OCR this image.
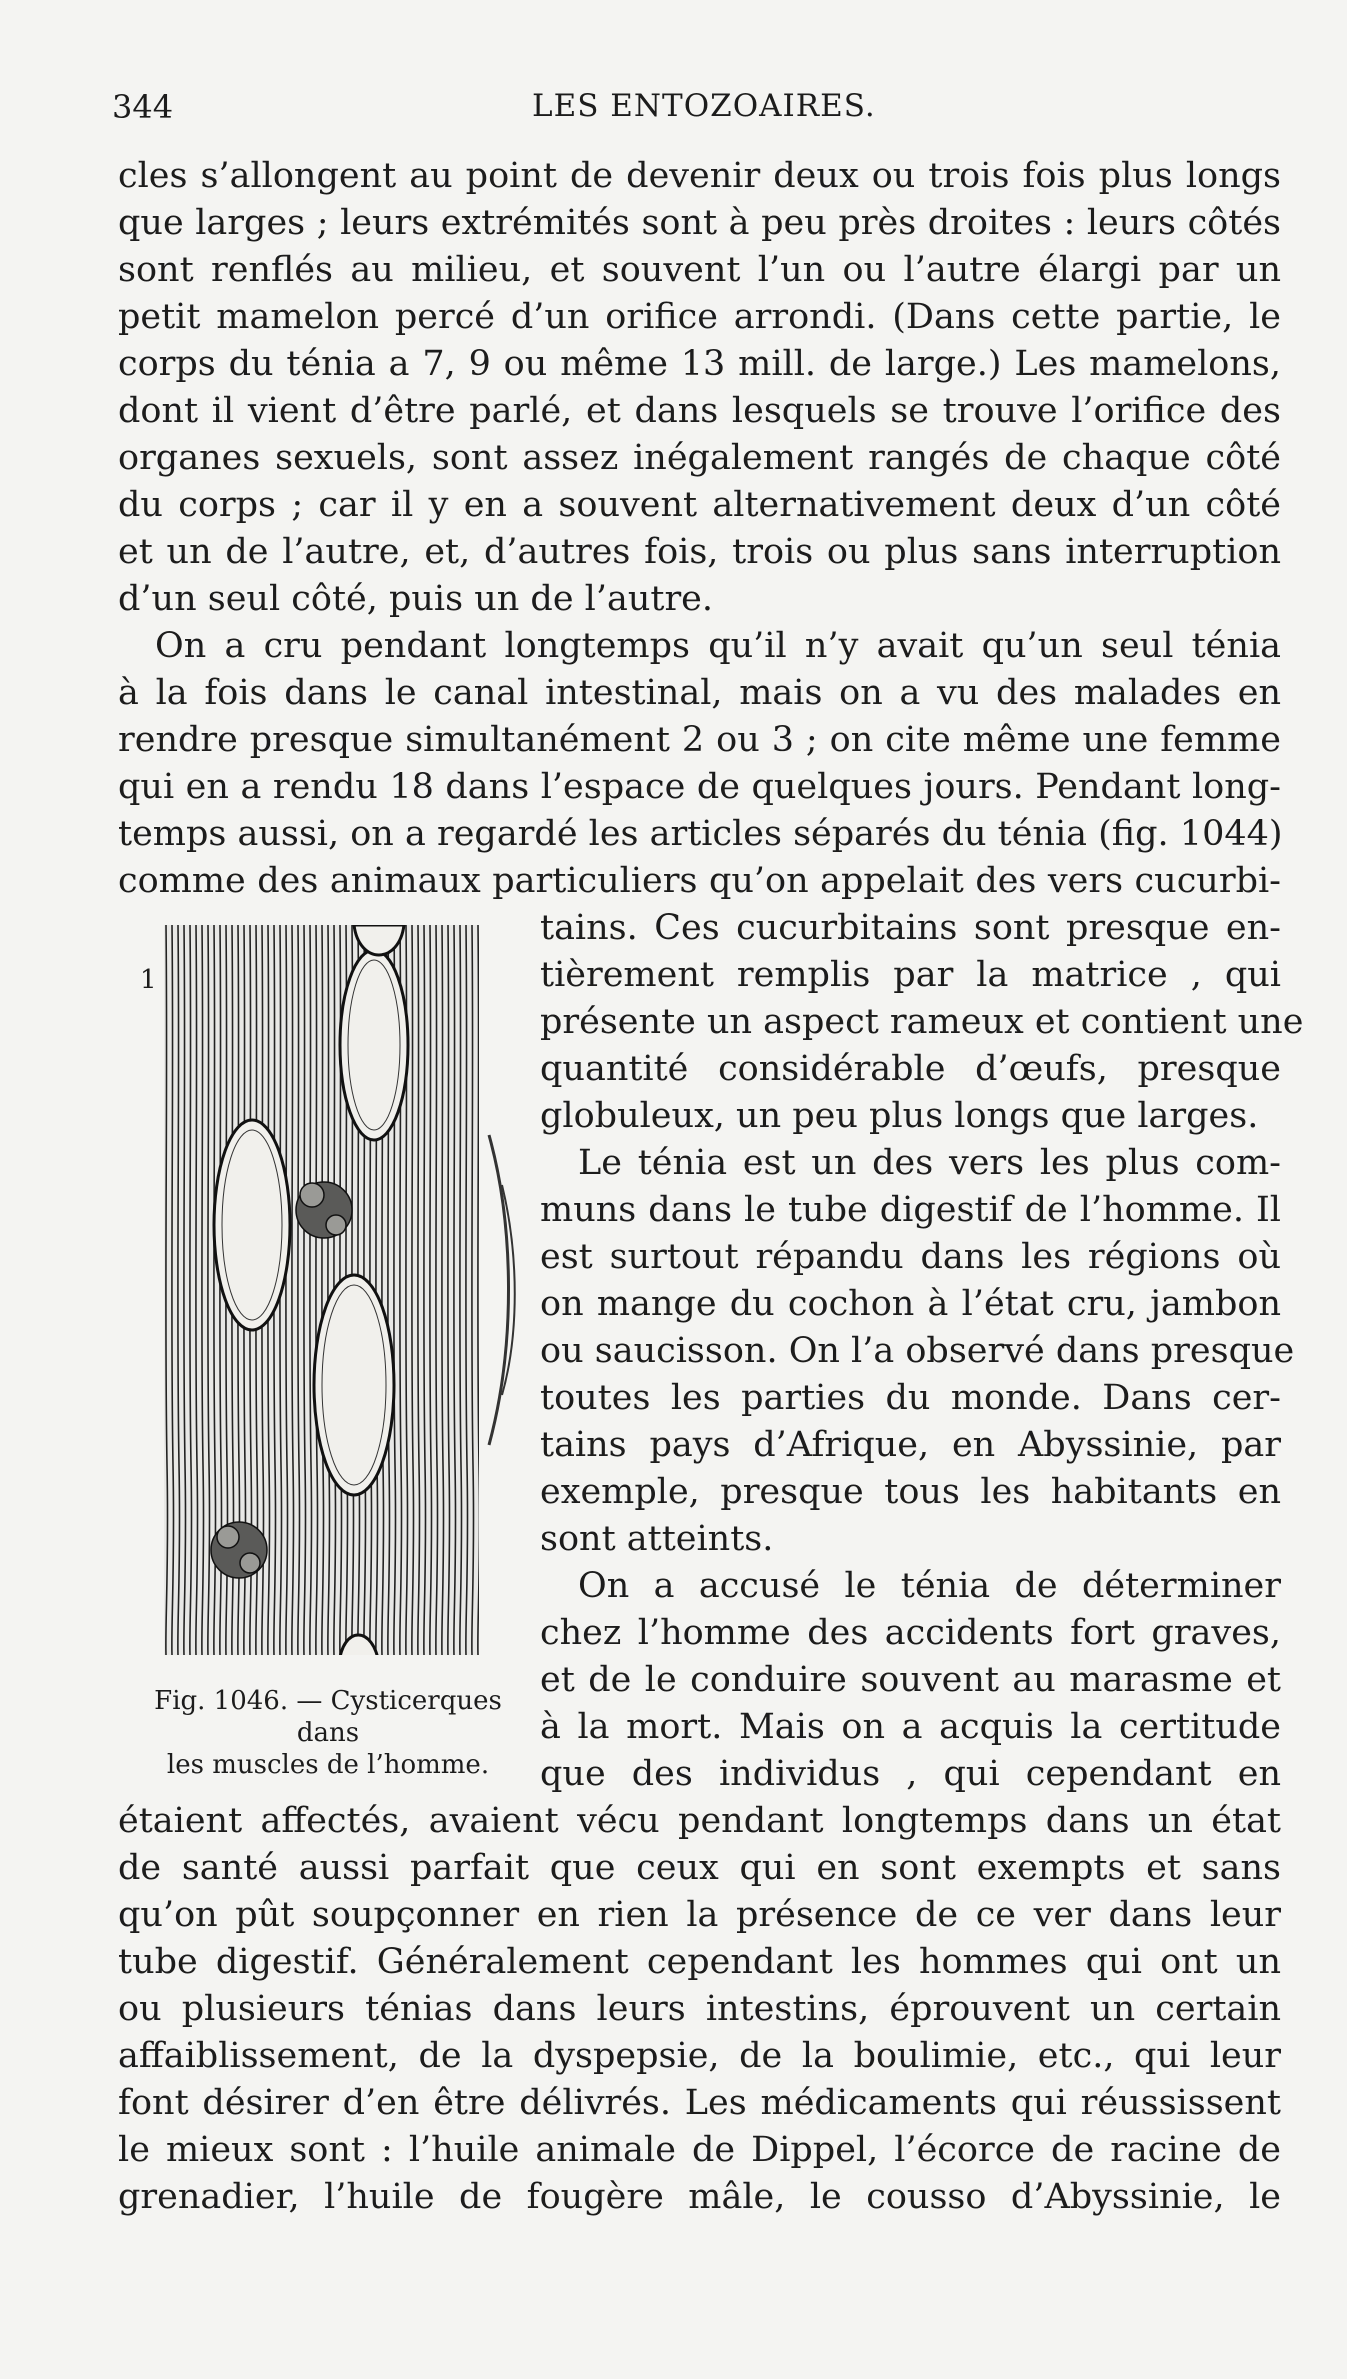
344	LES ENTOZOAIRES.
cles s’allongent au point de devenir deux ou trois fois plus longs
que larges ; leurs extrémités sont à peu près droites : leurs côtés
sont renflés au milieu, et souvent l’un ou l’autre élargi par un
petit mamelon percé d’un orifice arrondi. (Dans cette partie, le
corps du ténia a 7, 9 ou même 13 mill. de large.) Les mamelons,
dont il vient d’être parlé, et dans lesquels se trouve l’orifice des
organes sexuels, sont assez inégalement rangés de chaque côté
du corps ; car il y en a souvent alternativement deux d’un côté
et un de l’autre, et, d’autres fois, trois ou plus sans interruption
d’un seul côté, puis un de l’autre.
On a cru pendant longtemps qu’il n’y avait qu’un seul ténia
à la fois dans le canal intestinal, mais on a vu des malades en
rendre presque simultanément 2 ou 3 ; on cite même une femme
qui en a rendu 18 dans l’espace de quelques jours. Pendant long-
temps aussi, on a regardé les articles séparés du ténia (fig. 1044)
comme des animaux particuliers qu’on appelait des vers cucurbi-
tains. Ces cucurbitains sont presque en-
tièrement remplis par la matrice , qui
présente un aspect rameux et contient une
quantité considérable d’œufs, presque
globuleux, un peu plus longs que larges.
Le ténia est un des vers les plus com-
muns dans le tube digestif de l’homme. Il
est surtout répandu dans les régions où
on mange du cochon à l’état cru, jambon
ou saucisson. On l’a observé dans presque
toutes les parties du monde. Dans cer-
tains pays d’Afrique, en Abyssinie, par
exemple, presque tous les habitants en
sont atteints.
On a accusé le ténia de déterminer
chez l’homme des accidents fort graves,
et de le conduire souvent au marasme et
à la mort. Mais on a acquis la certitude
que des individus , qui cependant en
étaient affectés, avaient vécu pendant longtemps dans un état
de santé aussi parfait que ceux qui en sont exempts et sans
qu’on pût soupçonner en rien la présence de ce ver dans leur
tube digestif. Généralement cependant les hommes qui ont un
ou plusieurs ténias dans leurs intestins, éprouvent un certain
affaiblissement, de la dyspepsie, de la boulimie, etc., qui leur
font désirer d’en être délivrés. Les médicaments qui réussissent
le mieux sont : l’huile animale de Dippel, l’écorce de racine de
grenadier, l’huile de fougère mâle, le cousso d’Abyssinie, le
1
Fig. 1046. — Cysticerques dans
les muscles de l’homme.
